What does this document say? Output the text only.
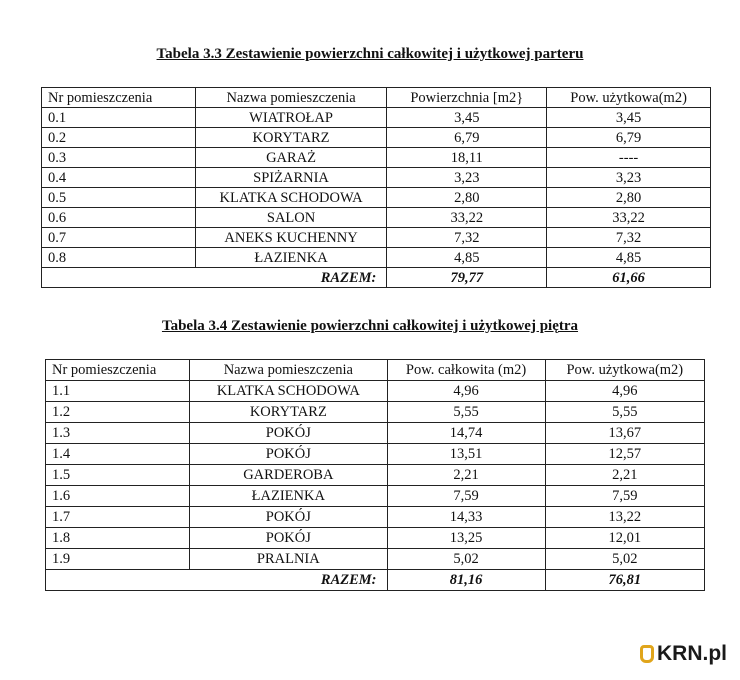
Tabela 3.3 Zestawienie powierzchni całkowitej i użytkowej parteru
Nr pomieszczenia	Nazwa pomieszczenia	Powierzchnia [m2}	Pow. użytkowa(m2)
0.1	WIATROŁAP	3,45	3,45
0.2	KORYTARZ	6,79	6,79
0.3	GARAŻ	18,11	----
0.4	SPIŻARNIA	3,23	3,23
0.5	KLATKA SCHODOWA	2,80	2,80
0.6	SALON	33,22	33,22
0.7	ANEKS KUCHENNY	7,32	7,32
0.8	ŁAZIENKA	4,85	4,85
RAZEM:		79,77	61,66
Tabela 3.4 Zestawienie powierzchni całkowitej i użytkowej piętra
Nr pomieszczenia	Nazwa pomieszczenia	Pow. całkowita (m2)	Pow. użytkowa(m2)
1.1	KLATKA SCHODOWA	4,96	4,96
1.2	KORYTARZ	5,55	5,55
1.3	POKÓJ	14,74	13,67
1.4	POKÓJ	13,51	12,57
1.5	GARDEROBA	2,21	2,21
1.6	ŁAZIENKA	7,59	7,59
1.7	POKÓJ	14,33	13,22
1.8	POKÓJ	13,25	12,01
1.9	PRALNIA	5,02	5,02
RAZEM:		81,16	76,81
KRN.pl
